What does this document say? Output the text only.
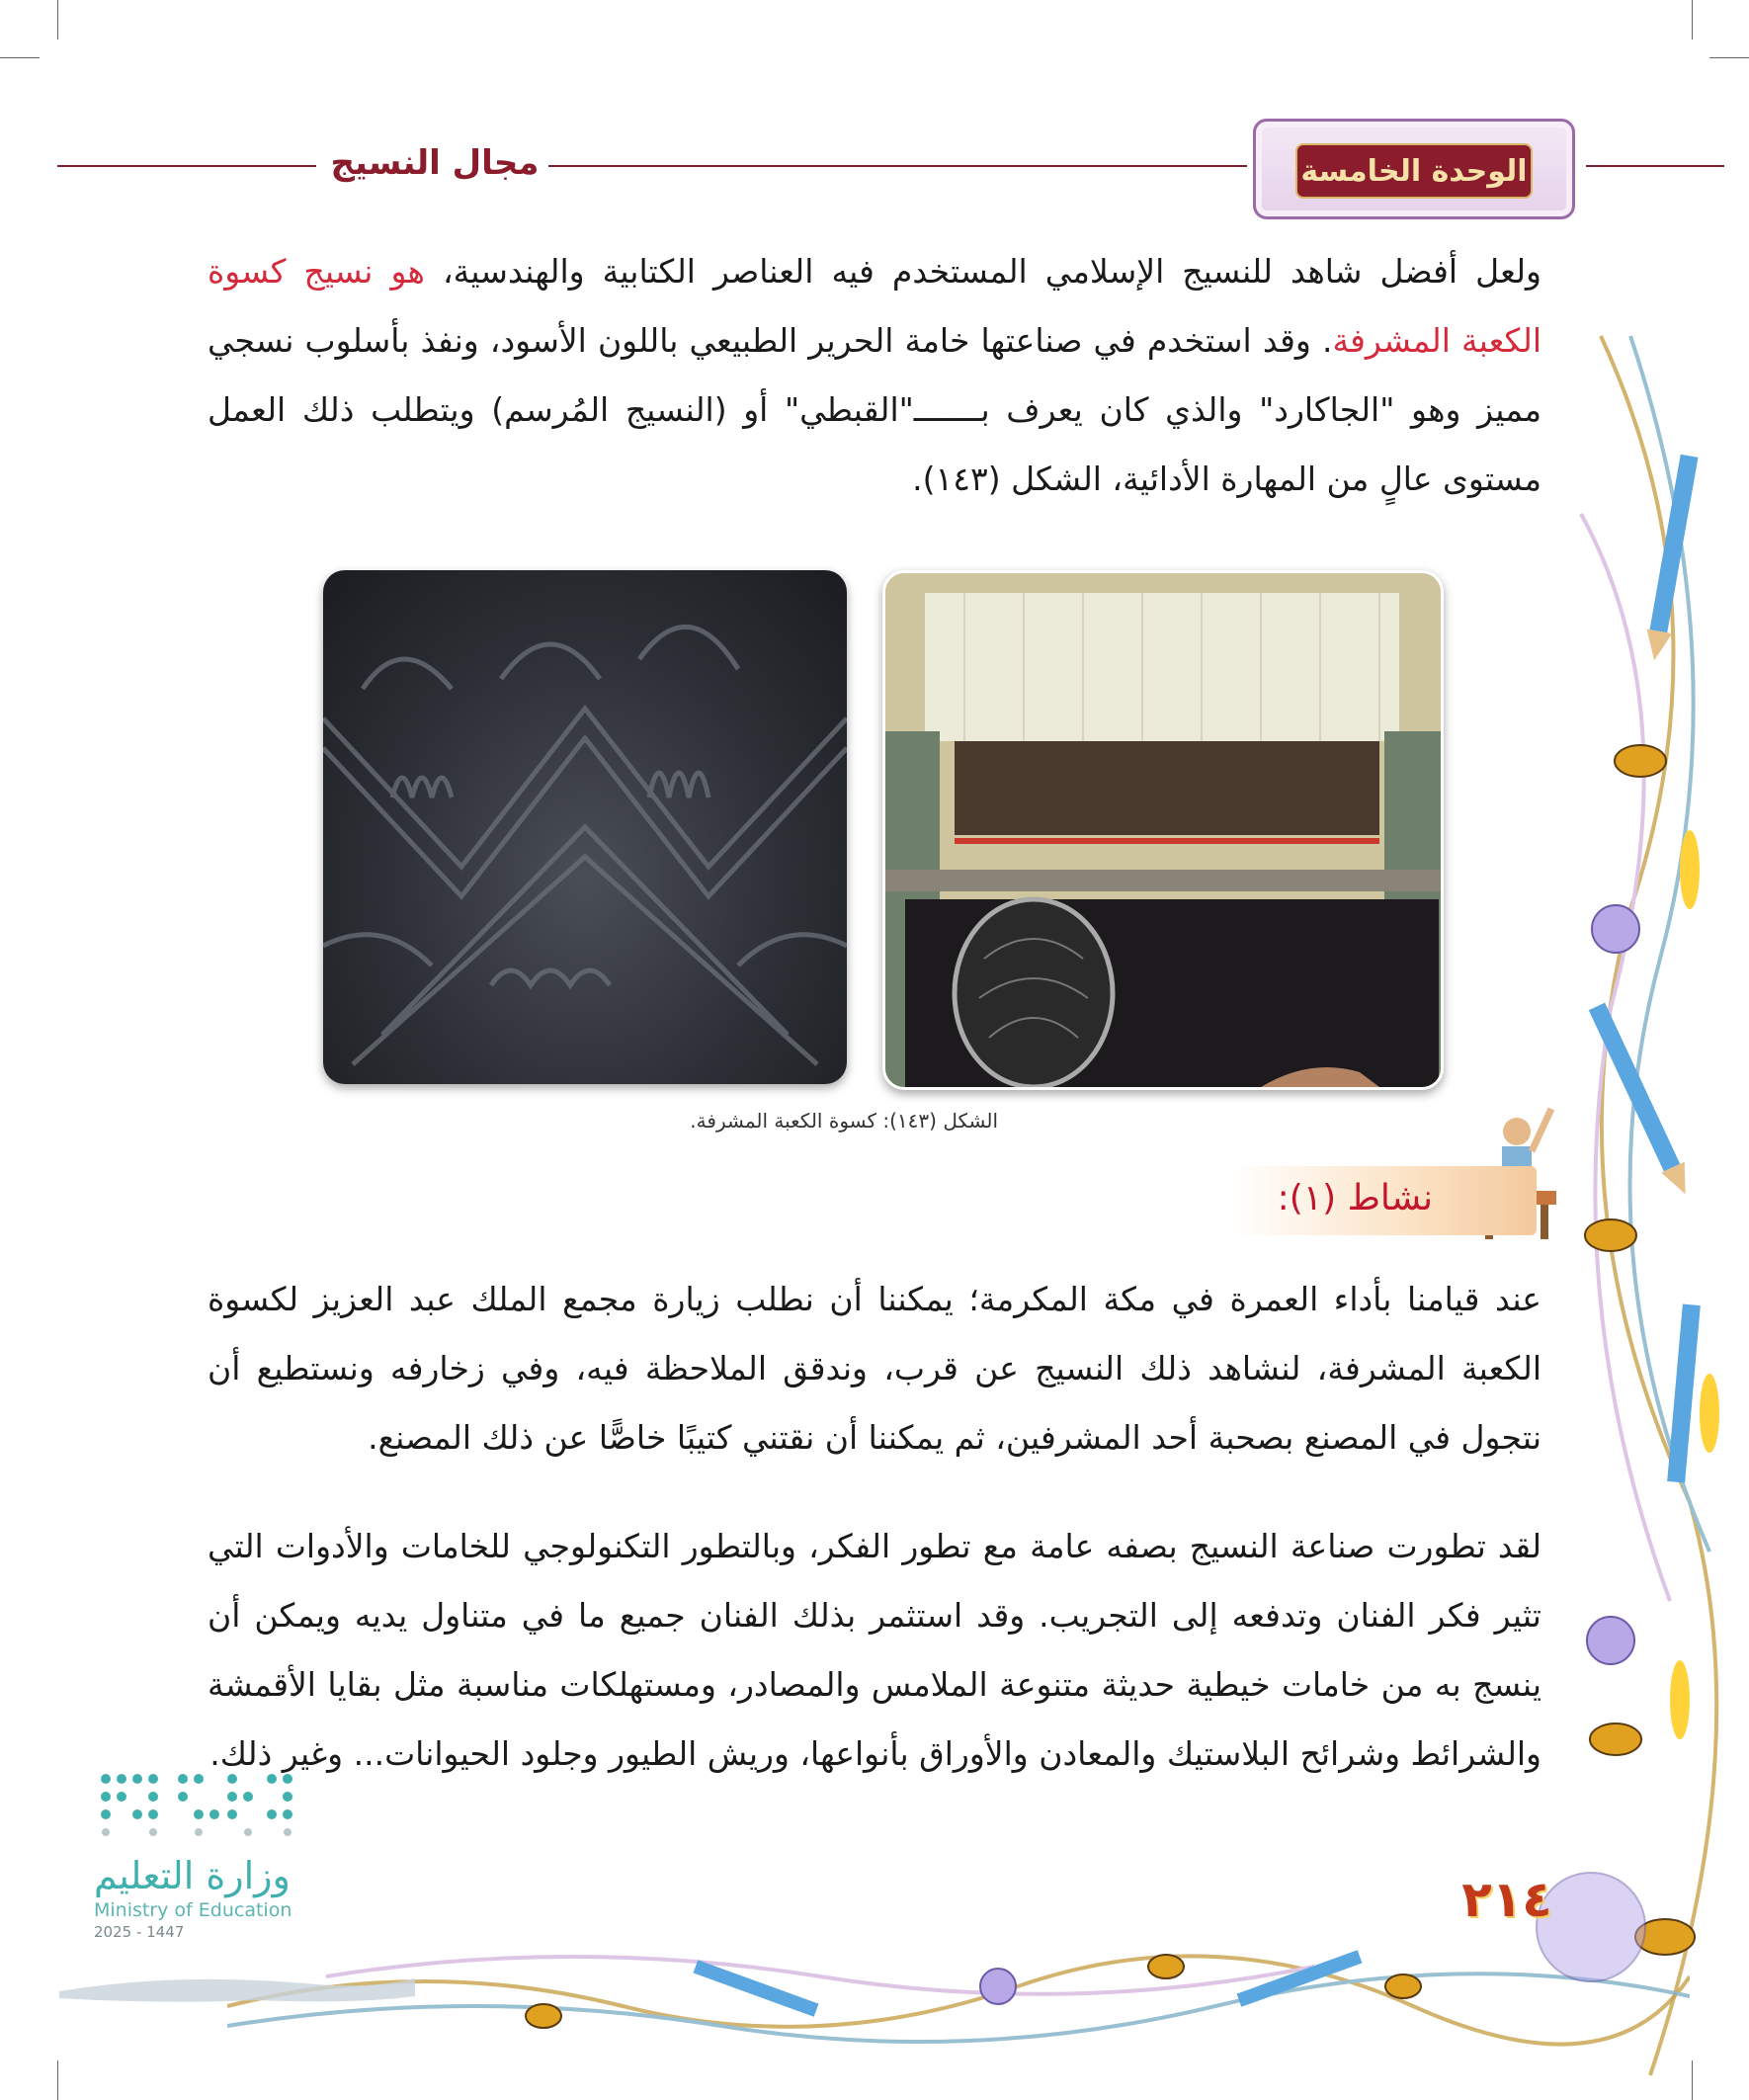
مجال النسيج	الوحدة الخامسة
ولعل أفضل شاهد للنسيج الإسلامي المستخدم فيه العناصر الكتابية والهندسية، هو نسيج كسوة الكعبة المشرفة. وقد استخدم في صناعتها خامة الحرير الطبيعي باللون الأسود، ونفذ بأسلوب نسجي مميز وهو "الجاكارد" والذي كان يعرف بـــــــ"القبطي" أو (النسيج المُرسم) ويتطلب ذلك العمل مستوى عالٍ من المهارة الأدائية، الشكل (١٤٣).
الشكل (١٤٣): كسوة الكعبة المشرفة.
نشاط (١):
عند قيامنا بأداء العمرة في مكة المكرمة؛ يمكننا أن نطلب زيارة مجمع الملك عبد العزيز لكسوة الكعبة المشرفة، لنشاهد ذلك النسيج عن قرب، وندقق الملاحظة فيه، وفي زخارفه ونستطيع أن نتجول في المصنع بصحبة أحد المشرفين، ثم يمكننا أن نقتني كتيبًا خاصًّا عن ذلك المصنع.
لقد تطورت صناعة النسيج بصفه عامة مع تطور الفكر، وبالتطور التكنولوجي للخامات والأدوات التي تثير فكر الفنان وتدفعه إلى التجريب. وقد استثمر بذلك الفنان جميع ما في متناول يديه ويمكن أن ينسج به من خامات خيطية حديثة متنوعة الملامس والمصادر، ومستهلكات مناسبة مثل بقايا الأقمشة والشرائط وشرائح البلاستيك والمعادن والأوراق بأنواعها، وريش الطيور وجلود الحيوانات... وغير ذلك.
٢١٤
وزارة التعليم
Ministry of Education
2025 - 1447
